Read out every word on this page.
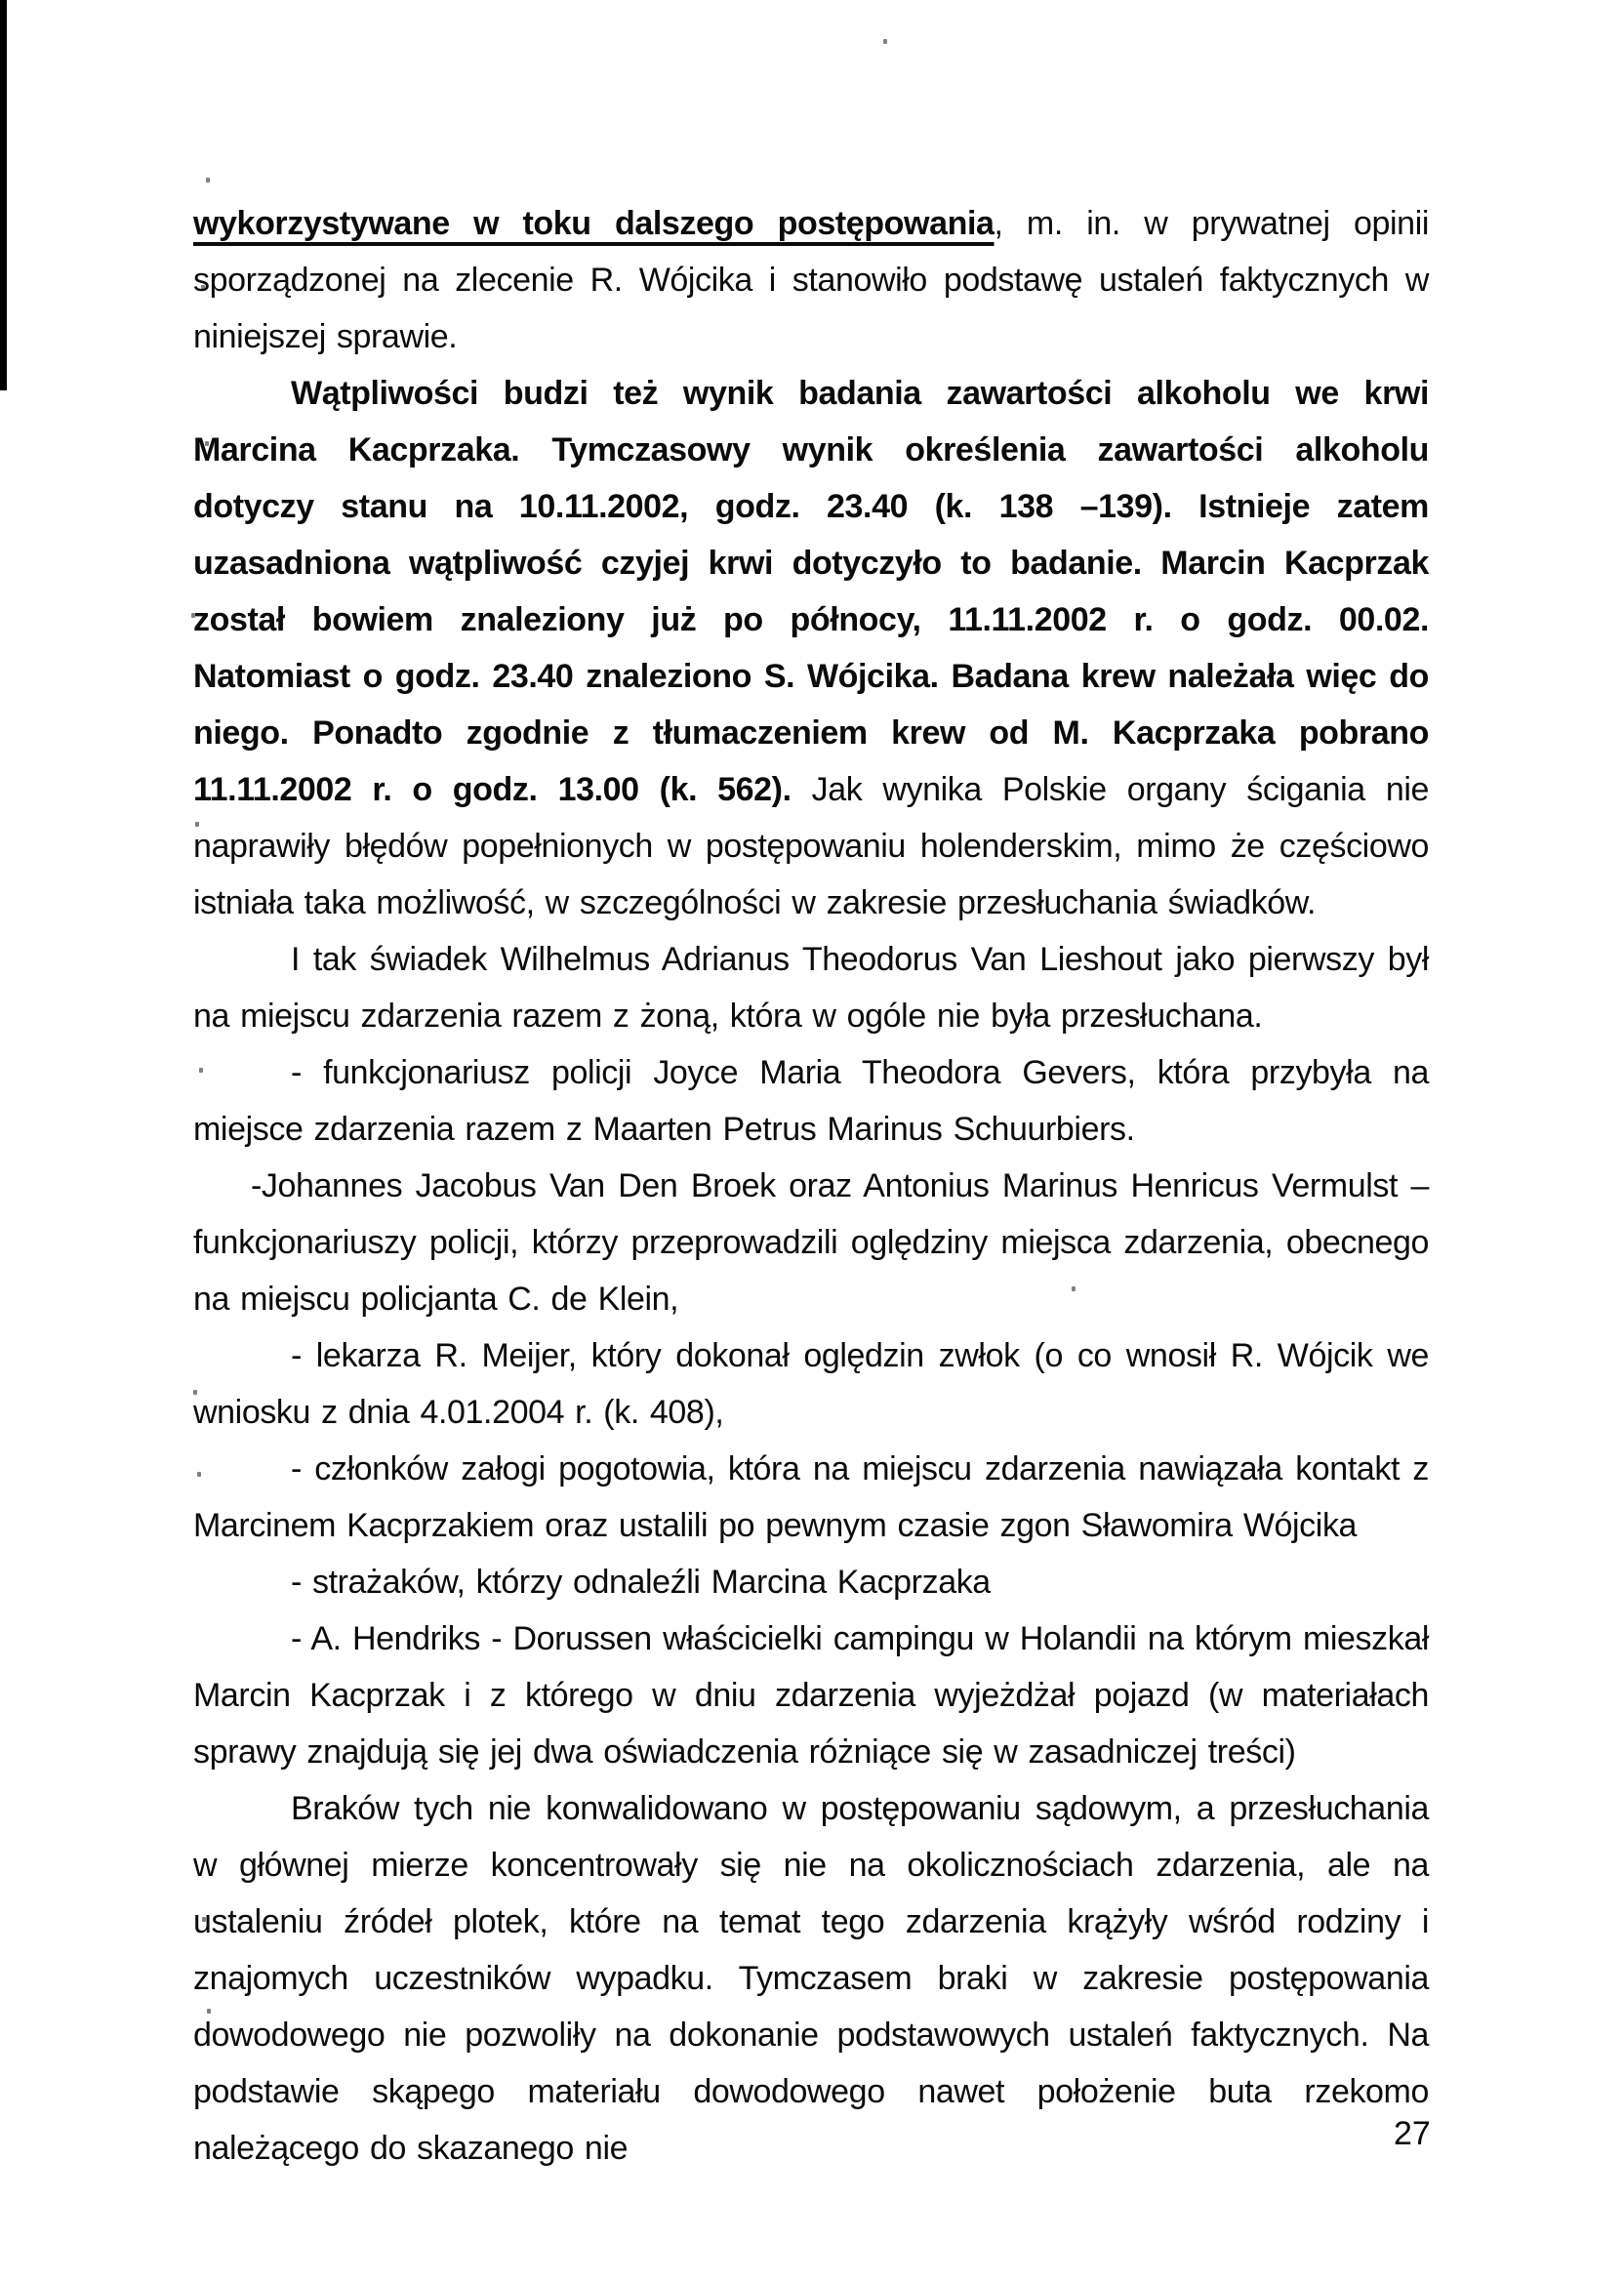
wykorzystywane w toku dalszego postępowania, m. in. w prywatnej opinii sporządzonej na zlecenie R. Wójcika i stanowiło podstawę ustaleń faktycznych w niniejszej sprawie.

Wątpliwości budzi też wynik badania zawartości alkoholu we krwi Marcina Kacprzaka. Tymczasowy wynik określenia zawartości alkoholu dotyczy stanu na 10.11.2002, godz. 23.40 (k. 138 –139). Istnieje zatem uzasadniona wątpliwość czyjej krwi dotyczyło to badanie. Marcin Kacprzak został bowiem znaleziony już po północy, 11.11.2002 r. o godz. 00.02. Natomiast o godz. 23.40 znaleziono S. Wójcika. Badana krew należała więc do niego. Ponadto zgodnie z tłumaczeniem krew od M. Kacprzaka pobrano 11.11.2002 r. o godz. 13.00 (k. 562). Jak wynika Polskie organy ścigania nie naprawiły błędów popełnionych w postępowaniu holenderskim, mimo że częściowo istniała taka możliwość, w szczególności w zakresie przesłuchania świadków.

I tak świadek Wilhelmus Adrianus Theodorus Van Lieshout jako pierwszy był na miejscu zdarzenia razem z żoną, która w ogóle nie była przesłuchana.

- funkcjonariusz policji Joyce Maria Theodora Gevers, która przybyła na miejsce zdarzenia razem z Maarten Petrus Marinus Schuurbiers.

-Johannes Jacobus Van Den Broek oraz Antonius Marinus Henricus Vermulst – funkcjonariuszy policji, którzy przeprowadzili oględziny miejsca zdarzenia, obecnego na miejscu policjanta C. de Klein,

- lekarza R. Meijer, który dokonał oględzin zwłok (o co wnosił R. Wójcik we wniosku z dnia 4.01.2004 r. (k. 408),

- członków załogi pogotowia, która na miejscu zdarzenia nawiązała kontakt z Marcinem Kacprzakiem oraz ustalili po pewnym czasie zgon Sławomira Wójcika

- strażaków, którzy odnaleźli Marcina Kacprzaka

- A. Hendriks - Dorussen właścicielki campingu w Holandii na którym mieszkał Marcin Kacprzak i z którego w dniu zdarzenia wyjeżdżał pojazd (w materiałach sprawy znajdują się jej dwa oświadczenia różniące się w zasadniczej treści)

Braków tych nie konwalidowano w postępowaniu sądowym, a przesłuchania w głównej mierze koncentrowały się nie na okolicznościach zdarzenia, ale na ustaleniu źródeł plotek, które na temat tego zdarzenia krążyły wśród rodziny i znajomych uczestników wypadku. Tymczasem braki w zakresie postępowania dowodowego nie pozwoliły na dokonanie podstawowych ustaleń faktycznych. Na podstawie skąpego materiału dowodowego nawet położenie buta rzekomo należącego do skazanego nie	27
